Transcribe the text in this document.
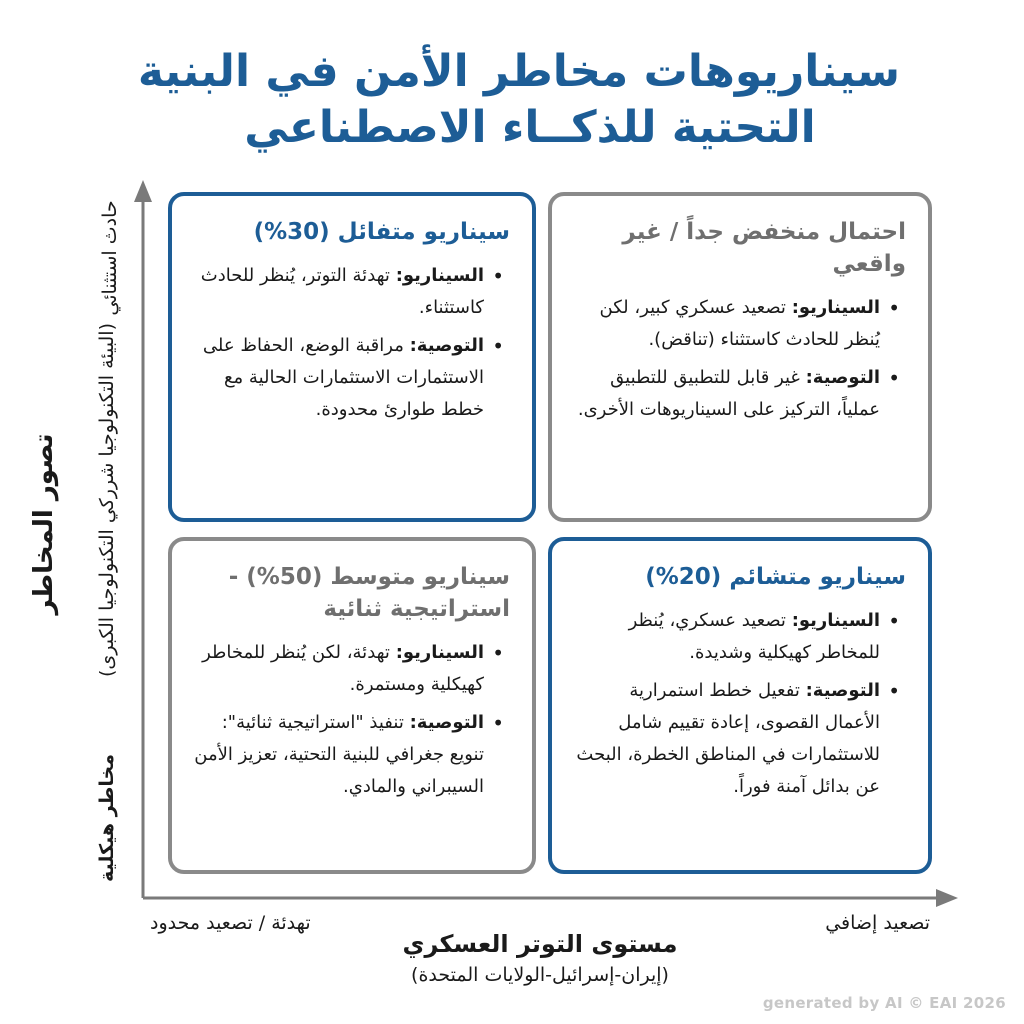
سيناريوهات مخاطر الأمن في البنية
التحتية للذكــاء الاصطناعي
تصور المخاطر (البيئة التكنولوجيا شرركي التكنولوجيا الكبرى)
حادث استثنائي
مخاطر هيكلية
سيناريو متفائل (30%)
• السيناريو: تهدئة التوتر، يُنظر للحادث كاستثناء.
• التوصية: مراقبة الوضع، الحفاظ على الاستثمارات الاستثمارات الحالية مع خطط طوارئ محدودة.
احتمال منخفض جداً / غير واقعي
• السيناريو: تصعيد عسكري كبير، لكن يُنظر للحادث كاستثناء (تناقض).
• التوصية: غير قابل للتطبيق للتطبيق عملياً، التركيز على السيناريوهات الأخرى.
سيناريو متوسط (50%) - استراتيجية ثنائية
• السيناريو: تهدئة، لكن يُنظر للمخاطر كهيكلية ومستمرة.
• التوصية: تنفيذ "استراتيجية ثنائية": تنويع جغرافي للبنية التحتية، تعزيز الأمن السيبراني والمادي.
سيناريو متشائم (20%)
• السيناريو: تصعيد عسكري، يُنظر للمخاطر كهيكلية وشديدة.
• التوصية: تفعيل خطط استمرارية الأعمال القصوى، إعادة تقييم شامل للاستثمارات في المناطق الخطرة، البحث عن بدائل آمنة فوراً.
تهدئة / تصعيد محدود	تصعيد إضافي
مستوى التوتر العسكري
(إيران-إسرائيل-الولايات المتحدة)
generated by AI © EAI 2026
